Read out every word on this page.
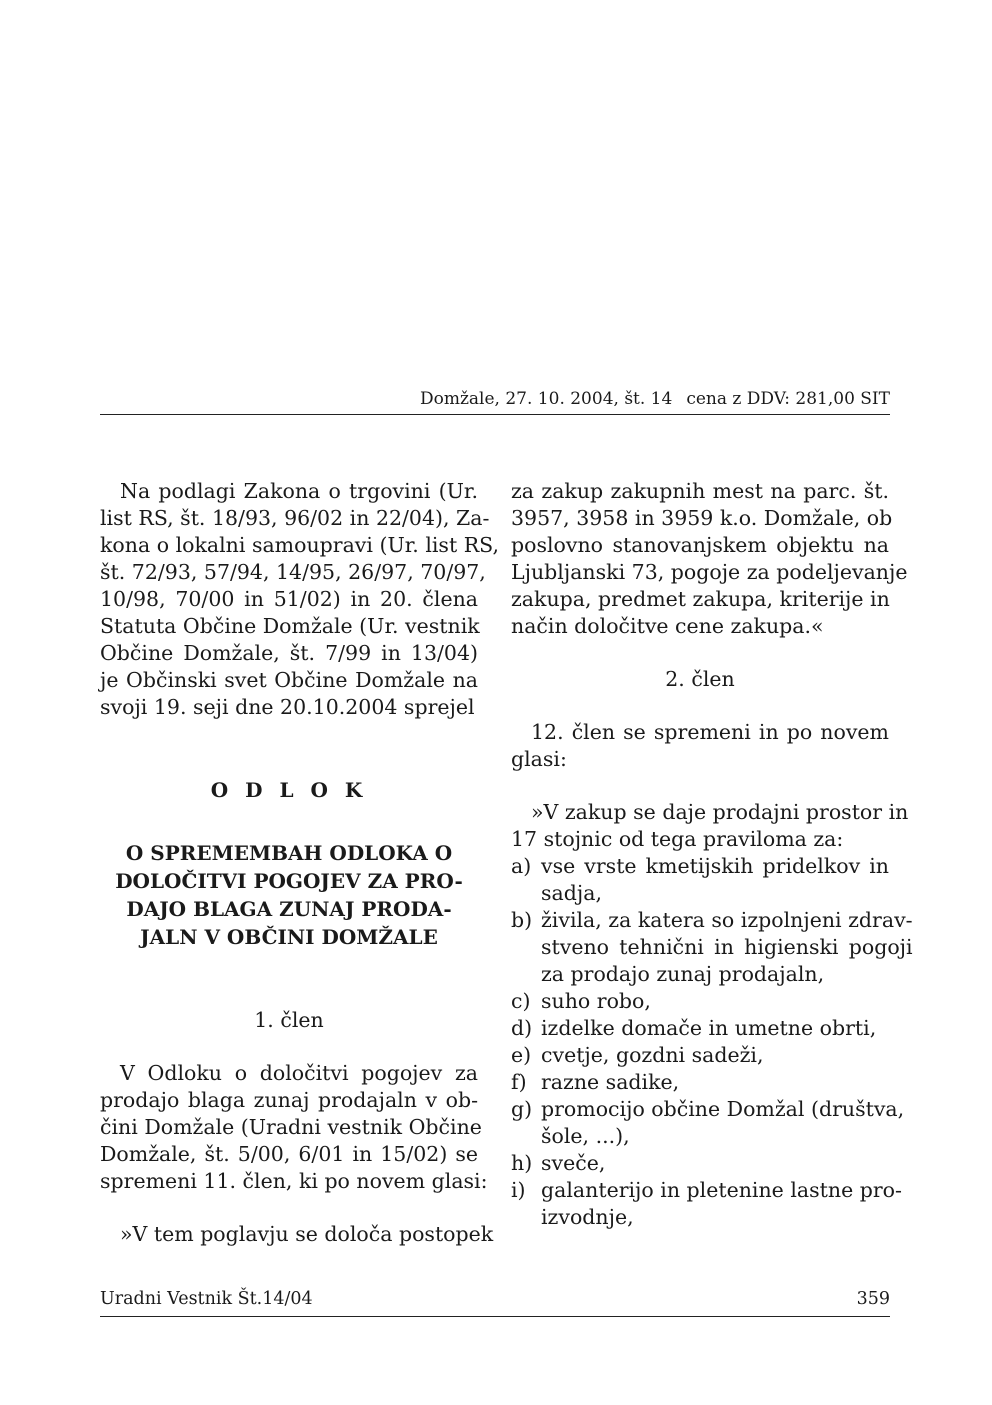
Domžale, 27. 10. 2004, št. 14 cena z DDV: 281,00 SIT
Na podlagi Zakona o trgovini (Ur.
list RS, št. 18/93, 96/02 in 22/04), Za-
kona o lokalni samoupravi (Ur. list RS,
št. 72/93, 57/94, 14/95, 26/97, 70/97,
10/98, 70/00 in 51/02) in 20. člena
Statuta Občine Domžale (Ur. vestnik
Občine Domžale, št. 7/99 in 13/04)
je Občinski svet Občine Domžale na
svoji 19. seji dne 20.10.2004 sprejel
O D L O K
O SPREMEMBAH ODLOKA O
DOLOČITVI POGOJEV ZA PRO-
DAJO BLAGA ZUNAJ PRODA-
JALN V OBČINI DOMŽALE
1. člen
V Odloku o določitvi pogojev za
prodajo blaga zunaj prodajaln v ob-
čini Domžale (Uradni vestnik Občine
Domžale, št. 5/00, 6/01 in 15/02) se
spremeni 11. člen, ki po novem glasi:
»V tem poglavju se določa postopek
za zakup zakupnih mest na parc. št.
3957, 3958 in 3959 k.o. Domžale, ob
poslovno stanovanjskem objektu na
Ljubljanski 73, pogoje za podeljevanje
zakupa, predmet zakupa, kriterije in
način določitve cene zakupa.«
2. člen
12. člen se spremeni in po novem
glasi:
»V zakup se daje prodajni prostor in
17 stojnic od tega praviloma za:
a) vse vrste kmetijskih pridelkov in
sadja,
b) živila, za katera so izpolnjeni zdrav-
stveno tehnični in higienski pogoji
za prodajo zunaj prodajaln,
c) suho robo,
d) izdelke domače in umetne obrti,
e) cvetje, gozdni sadeži,
f) razne sadike,
g) promocijo občine Domžal (društva,
šole, ...),
h) sveče,
i) galanterijo in pletenine lastne pro-
izvodnje,
Uradni Vestnik Št.14/04	359
